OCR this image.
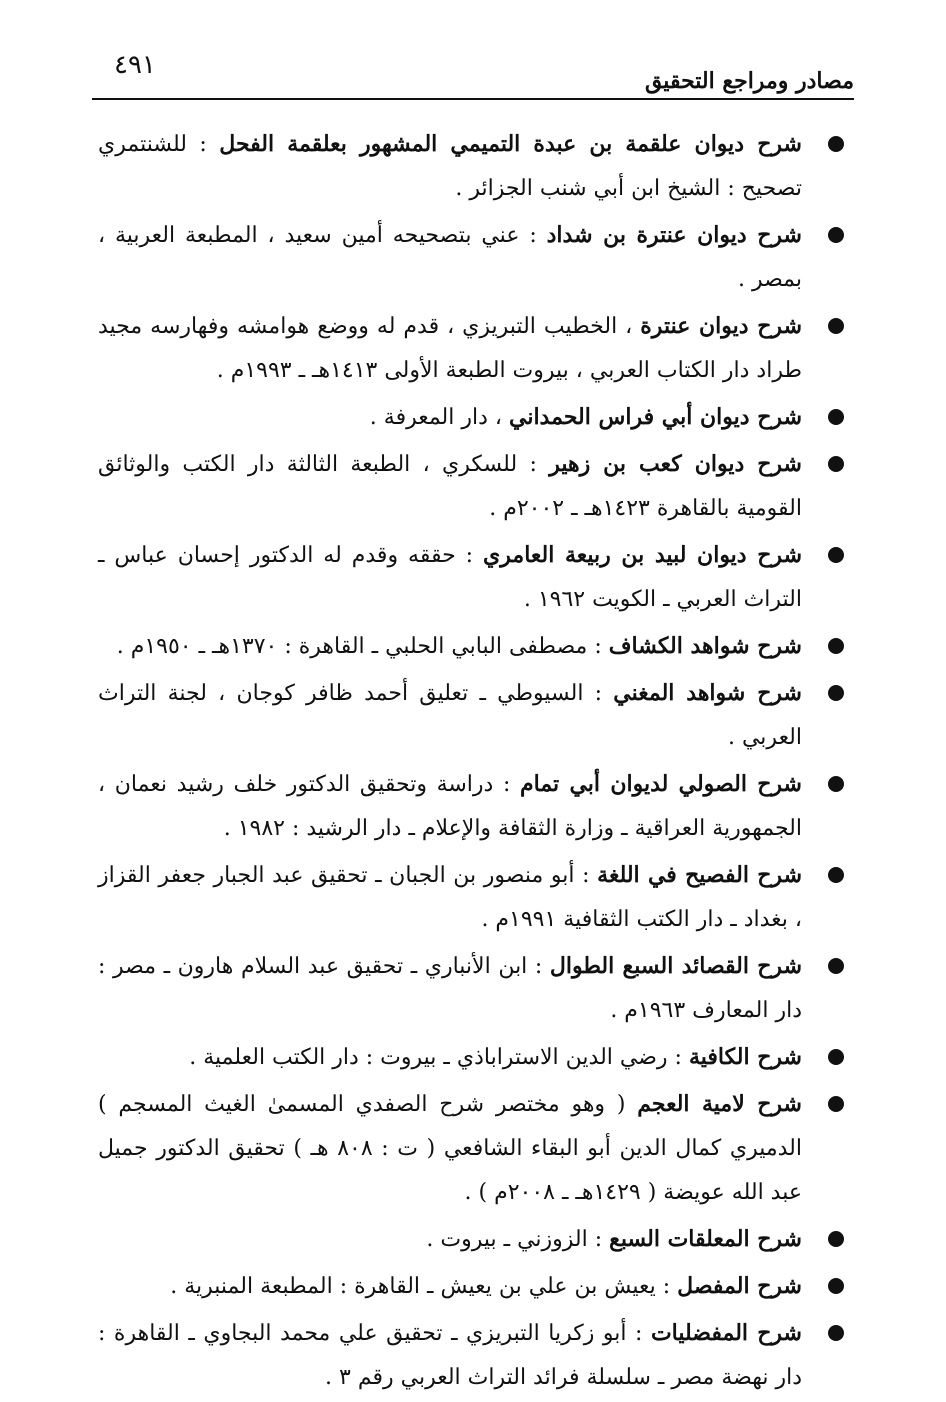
مصادر ومراجع التحقيق
٤٩١
شرح ديوان علقمة بن عبدة التميمي المشهور بعلقمة الفحل : للشنتمري تصحيح : الشيخ ابن أبي شنب الجزائر .
شرح ديوان عنترة بن شداد : عني بتصحيحه أمين سعيد ، المطبعة العربية ، بمصر .
شرح ديوان عنترة ، الخطيب التبريزي ، قدم له ووضع هوامشه وفهارسه مجيد طراد دار الكتاب العربي ، بيروت الطبعة الأولى ١٤١٣هـ ـ ١٩٩٣م .
شرح ديوان أبي فراس الحمداني ، دار المعرفة .
شرح ديوان كعب بن زهير : للسكري ، الطبعة الثالثة دار الكتب والوثائق القومية بالقاهرة ١٤٢٣هـ ـ ٢٠٠٢م .
شرح ديوان لبيد بن ربيعة العامري : حققه وقدم له الدكتور إحسان عباس ـ التراث العربي ـ الكويت ١٩٦٢ .
شرح شواهد الكشاف : مصطفى البابي الحلبي ـ القاهرة : ١٣٧٠هـ ـ ١٩٥٠م .
شرح شواهد المغني : السيوطي ـ تعليق أحمد ظافر كوجان ، لجنة التراث العربي .
شرح الصولي لديوان أبي تمام : دراسة وتحقيق الدكتور خلف رشيد نعمان ، الجمهورية العراقية ـ وزارة الثقافة والإعلام ـ دار الرشيد : ١٩٨٢ .
شرح الفصيح في اللغة : أبو منصور بن الجبان ـ تحقيق عبد الجبار جعفر القزاز ، بغداد ـ دار الكتب الثقافية ١٩٩١م .
شرح القصائد السبع الطوال : ابن الأنباري ـ تحقيق عبد السلام هارون ـ مصر : دار المعارف ١٩٦٣م .
شرح الكافية : رضي الدين الاستراباذي ـ بيروت : دار الكتب العلمية .
شرح لامية العجم ( وهو مختصر شرح الصفدي المسمىٰ الغيث المسجم ) الدميري كمال الدين أبو البقاء الشافعي ( ت : ٨٠٨ هـ ) تحقيق الدكتور جميل عبد الله عويضة ( ١٤٢٩هـ ـ ٢٠٠٨م ) .
شرح المعلقات السبع : الزوزني ـ بيروت .
شرح المفصل : يعيش بن علي بن يعيش ـ القاهرة : المطبعة المنبرية .
شرح المفضليات : أبو زكريا التبريزي ـ تحقيق علي محمد البجاوي ـ القاهرة : دار نهضة مصر ـ سلسلة فرائد التراث العربي رقم ٣ .
